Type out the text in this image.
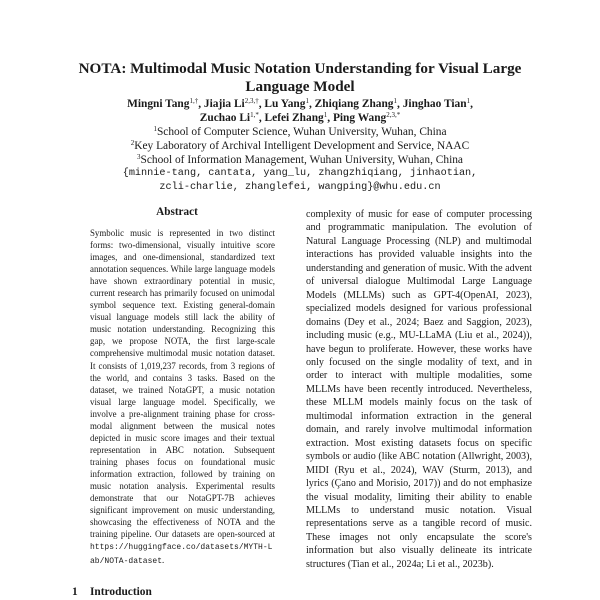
NOTA: Multimodal Music Notation Understanding for Visual Large
Language Model
Mingni Tang$^{1,\dagger}$, Jiajia $Li^{2,3,\dagger}$, Lu Yang$^1$, Zhiqiang Zhang$^1$, Jinghao Tian$^1$,
Zuchao $Li^{1,*}$, Lefei Zhang$^1$, Ping Wang$^{2,3,*}$
$^1$School of Computer Science, Wuhan University, Wuhan, China
$^2$Key Laboratory of Archival Intelligent Development and Service, NAAC
$^3$School of Information Management, Wuhan University, Wuhan, China
{minnie-tang, cantata, yang_lu, zhangzhiqiang, jinhaotian,
zcli-charlie, zhanglefei, wangping}@whu.edu.cn
Abstract

Symbolic music is represented in two distinct forms: two-dimensional, visually intuitive score images, and one-dimensional, standardized text annotation sequences. While large language models have shown extraordinary potential in music, current research has primarily focused on unimodal symbol sequence text. Existing general-domain visual language models still lack the ability of music notation understanding. Recognizing this gap, we propose NOTA, the first large-scale comprehensive multimodal music notation dataset. It consists of 1,019,237 records, from 3 regions of the world, and contains 3 tasks. Based on the dataset, we trained NotaGPT, a music notation visual large language model. Specifically, we involve a pre-alignment training phase for cross-modal alignment between the musical notes depicted in music score images and their textual representation in ABC notation. Subsequent training phases focus on foundational music information extraction, followed by training on music notation analysis. Experimental results demonstrate that our NotaGPT-7B achieves significant improvement on music understanding, showcasing the effectiveness of NOTA and the training pipeline. Our datasets are open-sourced at https://huggingface.co/datasets/MYTH-Lab/NOTA-dataset.

complexity of music for ease of computer processing and programmatic manipulation. The evolution of Natural Language Processing (NLP) and multimodal interactions has provided valuable insights into the understanding and generation of music. With the advent of universal dialogue Multimodal Large Language Models (MLLMs) such as GPT-4(OpenAI, 2023), specialized models designed for various professional domains (Dey et al., 2024; Baez and Saggion, 2023), including music (e.g., MU-LLaMA (Liu et al., 2024)), have begun to proliferate. However, these works have only focused on the single modality of text, and in order to interact with multiple modalities, some MLLMs have been recently introduced. Nevertheless, these MLLM models mainly focus on the task of multimodal information extraction in the general domain, and rarely involve multimodal information extraction. Most existing datasets focus on specific symbols or audio (like ABC notation (Allwright, 2003), MIDI (Ryu et al., 2024), WAV (Sturm, 2013), and lyrics (Çano and Morisio, 2017)) and do not emphasize the visual modality, limiting their ability to enable MLLMs to understand music notation. Visual representations serve as a tangible record of music. These images not only encapsulate the score's information but also visually delineate its intricate structures (Tian et al., 2024a; Li et al., 2023b).

1 Introduction
